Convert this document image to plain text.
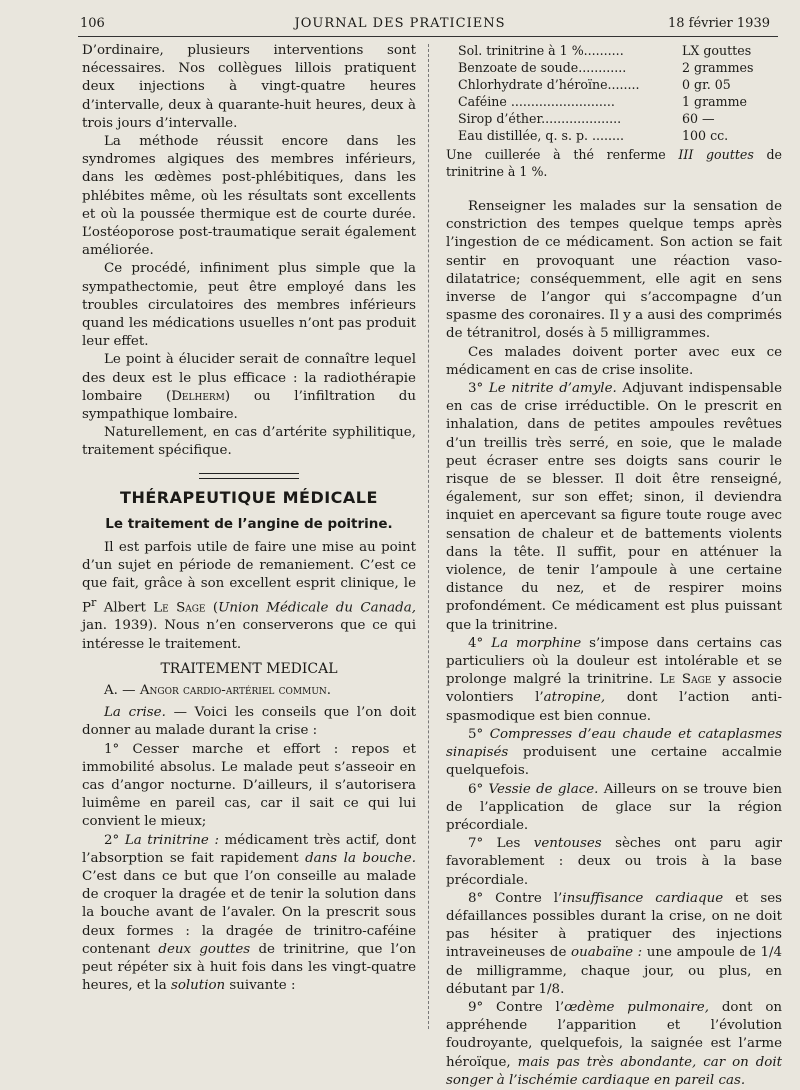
106	JOURNAL DES PRATICIENS	18 février 1939

D’ordinaire, plusieurs interventions sont nécessaires. Nos collègues lillois pratiquent deux injections à vingt-quatre heures d’intervalle, deux à quarante-huit heures, deux à trois jours d’intervalle.

La méthode réussit encore dans les syndromes algiques des membres inférieurs, dans les œdèmes post-phlébitiques, dans les phlébites même, où les résultats sont excellents et où la poussée thermique est de courte durée. L’ostéoporose post-traumatique serait également améliorée.

Ce procédé, infiniment plus simple que la sympathectomie, peut être employé dans les troubles circulatoires des membres inférieurs quand les médications usuelles n’ont pas produit leur effet.

Le point à élucider serait de connaître lequel des deux est le plus efficace : la radiothérapie lombaire (Delherm) ou l’infiltration du sympathique lombaire.

Naturellement, en cas d’artérite syphilitique, traitement spécifique.

THÉRAPEUTIQUE MÉDICALE
Le traitement de l’angine de poitrine.

Il est parfois utile de faire une mise au point d’un sujet en période de remaniement. C’est ce que fait, grâce à son excellent esprit clinique, le $P^r$ Albert Le Sage (Union Médicale du Canada, jan. 1939). Nous n’en conserverons que ce qui intéresse le traitement.

TRAITEMENT MEDICAL

A. — Angor cardio-artériel commun.

La crise. — Voici les conseils que l’on doit donner au malade durant la crise :

1° Cesser marche et effort : repos et immobilité absolus. Le malade peut s’asseoir en cas d’angor nocturne. D’ailleurs, il s’autorisera luimême en pareil cas, car il sait ce qui lui convient le mieux;

2° La trinitrine : médicament très actif, dont l’absorption se fait rapidement dans la bouche. C’est dans ce but que l’on conseille au malade de croquer la dragée et de tenir la solution dans la bouche avant de l’avaler. On la prescrit sous deux formes : la dragée de trinitro-caféine contenant deux gouttes de trinitrine, que l’on peut répéter six à huit fois dans les vingt-quatre heures, et la solution suivante :

Sol. trinitrine à 1 %..........	LX gouttes
Benzoate de soude............	2 grammes
Chlorhydrate d’héroïne........	0 gr. 05
Caféine ..........................	1 gramme
Sirop d’éther....................	60 —
Eau distillée, q. s. p. ........	100 cc.

Une cuillerée à thé renferme III gouttes de trinitrine à 1 %.

Renseigner les malades sur la sensation de constriction des tempes quelque temps après l’ingestion de ce médicament. Son action se fait sentir en provoquant une réaction vaso-dilatatrice; conséquemment, elle agit en sens inverse de l’angor qui s’accompagne d’un spasme des coronaires. Il y a ausi des comprimés de tétranitrol, dosés à 5 milligrammes.

Ces malades doivent porter avec eux ce médicament en cas de crise insolite.

3° Le nitrite d’amyle. Adjuvant indispensable en cas de crise irréductible. On le prescrit en inhalation, dans de petites ampoules revêtues d’un treillis très serré, en soie, que le malade peut écraser entre ses doigts sans courir le risque de se blesser. Il doit être renseigné, également, sur son effet; sinon, il deviendra inquiet en apercevant sa figure toute rouge avec sensation de chaleur et de battements violents dans la tête. Il suffit, pour en atténuer la violence, de tenir l’ampoule à une certaine distance du nez, et de respirer moins profondément. Ce médicament est plus puissant que la trinitrine.

4° La morphine s’impose dans certains cas particuliers où la douleur est intolérable et se prolonge malgré la trinitrine. Le Sage y associe volontiers l’atropine, dont l’action anti-spasmodique est bien connue.

5° Compresses d’eau chaude et cataplasmes sinapisés produisent une certaine accalmie quelquefois.

6° Vessie de glace. Ailleurs on se trouve bien de l’application de glace sur la région précordiale.

7° Les ventouses sèches ont paru agir favorablement : deux ou trois à la base précordiale.

8° Contre l’insuffisance cardiaque et ses défaillances possibles durant la crise, on ne doit pas hésiter à pratiquer des injections intraveineuses de ouabaïne : une ampoule de 1/4 de milligramme, chaque jour, ou plus, en débutant par 1/8.

9° Contre l’œdème pulmonaire, dont on appréhende l’apparition et l’évolution foudroyante, quelquefois, la saignée est l’arme héroïque, mais pas très abondante, car on doit songer à l’ischémie cardiaque en pareil cas.
